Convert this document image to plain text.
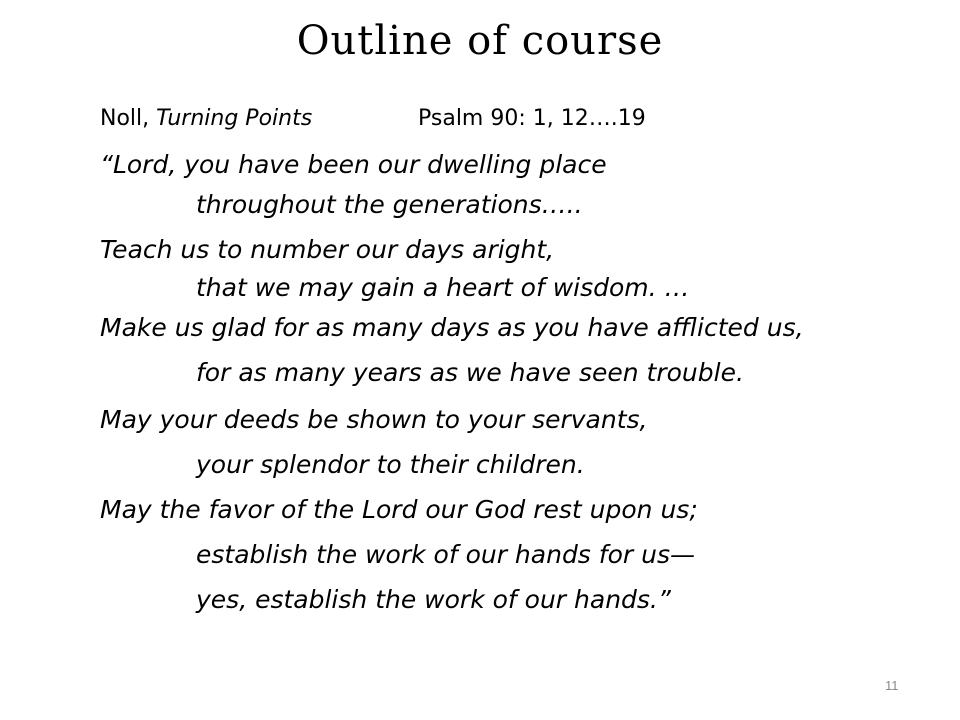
Outline of course
Noll, Turning Points	Psalm 90: 1, 12….19
“Lord, you have been our dwelling place
throughout the generations…..
Teach us to number our days aright,
that we may gain a heart of wisdom. …
Make us glad for as many days as you have afflicted us,
for as many years as we have seen trouble.
May your deeds be shown to your servants,
your splendor to their children.
May the favor of the Lord our God rest upon us;
establish the work of our hands for us—
yes, establish the work of our hands.”
11
